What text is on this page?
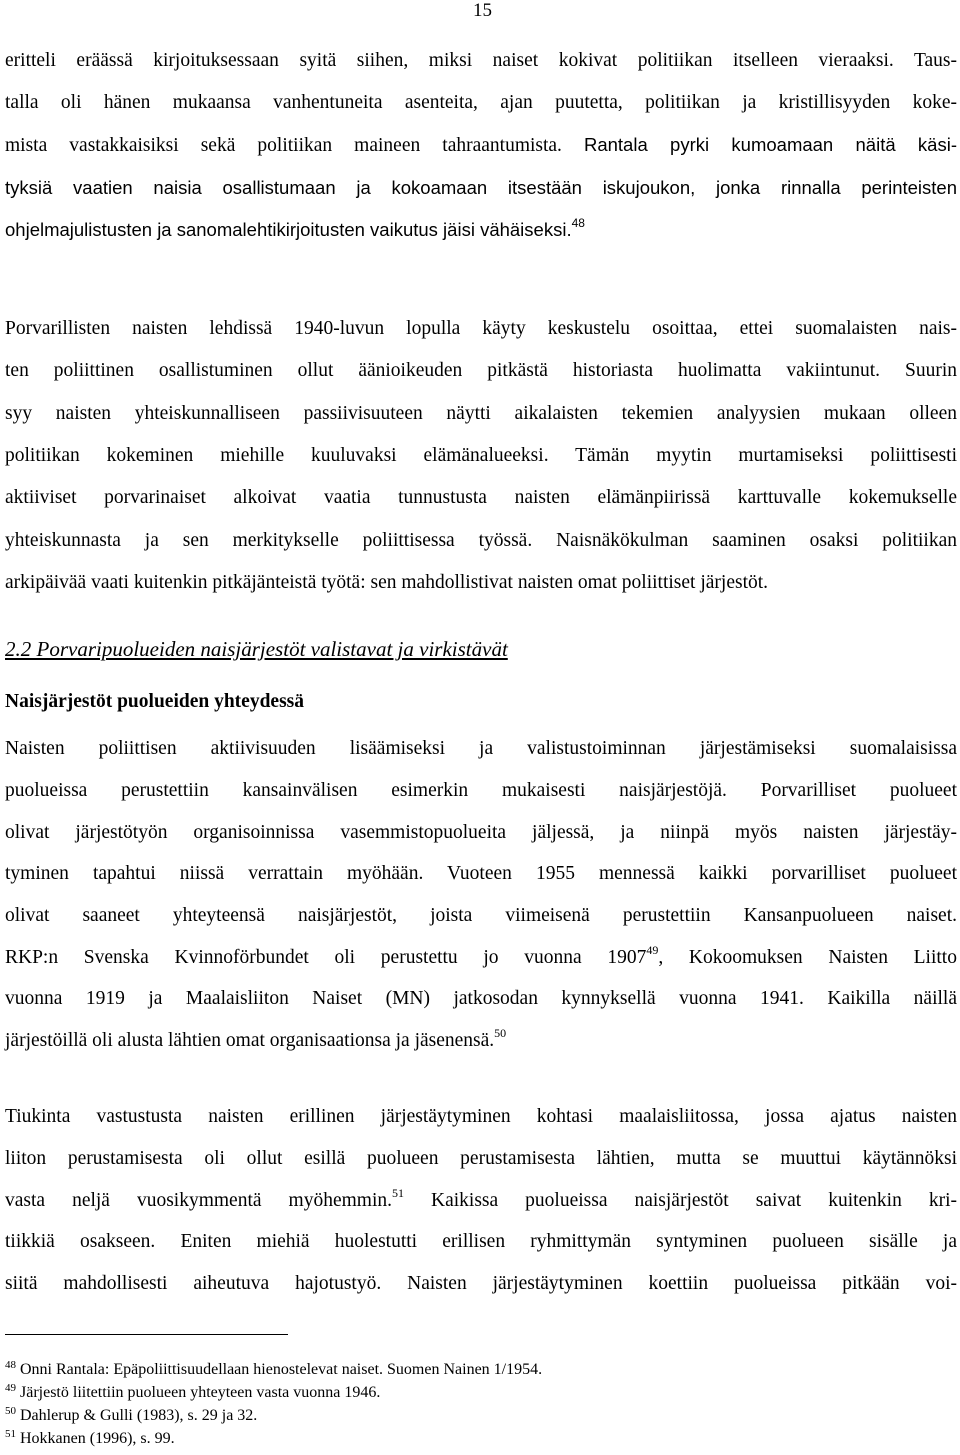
15
eritteli eräässä kirjoituksessaan syitä siihen, miksi naiset kokivat politiikan itselleen vieraaksi. Taus-
talla oli hänen mukaansa vanhentuneita asenteita, ajan puutetta, politiikan ja kristillisyyden koke-
mista vastakkaisiksi sekä politiikan maineen tahraantumista. Rantala pyrki kumoamaan näitä käsi-
tyksiä vaatien naisia osallistumaan ja kokoamaan itsestään iskujoukon, jonka rinnalla perinteisten
ohjelmajulistusten ja sanomalehtikirjoitusten vaikutus jäisi vähäiseksi.$^{48}$
Porvarillisten naisten lehdissä 1940-luvun lopulla käyty keskustelu osoittaa, ettei suomalaisten nais-
ten poliittinen osallistuminen ollut äänioikeuden pitkästä historiasta huolimatta vakiintunut. Suurin
syy naisten yhteiskunnalliseen passiivisuuteen näytti aikalaisten tekemien analyysien mukaan olleen
politiikan kokeminen miehille kuuluvaksi elämänalueeksi. Tämän myytin murtamiseksi poliittisesti
aktiiviset porvarinaiset alkoivat vaatia tunnustusta naisten elämänpiirissä karttuvalle kokemukselle
yhteiskunnasta ja sen merkitykselle poliittisessa työssä. Naisnäkökulman saaminen osaksi politiikan
arkipäivää vaati kuitenkin pitkäjänteistä työtä: sen mahdollistivat naisten omat poliittiset järjestöt.
2.2 Porvaripuolueiden naisjärjestöt valistavat ja virkistävät
Naisjärjestöt puolueiden yhteydessä
Naisten poliittisen aktiivisuuden lisäämiseksi ja valistustoiminnan järjestämiseksi suomalaisissa
puolueissa perustettiin kansainvälisen esimerkin mukaisesti naisjärjestöjä. Porvarilliset puolueet
olivat järjestötyön organisoinnissa vasemmistopuolueita jäljessä, ja niinpä myös naisten järjestäy-
tyminen tapahtui niissä verrattain myöhään. Vuoteen 1955 mennessä kaikki porvarilliset puolueet
olivat saaneet yhteyteensä naisjärjestöt, joista viimeisenä perustettiin Kansanpuolueen naiset.
RKP:n Svenska Kvinnoförbundet oli perustettu jo vuonna 1907$^{49}$, Kokoomuksen Naisten Liitto
vuonna 1919 ja Maalaisliiton Naiset (MN) jatkosodan kynnyksellä vuonna 1941. Kaikilla näillä
järjestöillä oli alusta lähtien omat organisaationsa ja jäsenensä.$^{50}$
Tiukinta vastustusta naisten erillinen järjestäytyminen kohtasi maalaisliitossa, jossa ajatus naisten
liiton perustamisesta oli ollut esillä puolueen perustamisesta lähtien, mutta se muuttui käytännöksi
vasta neljä vuosikymmentä myöhemmin.$^{51}$ Kaikissa puolueissa naisjärjestöt saivat kuitenkin kri-
tiikkiä osakseen. Eniten miehiä huolestutti erillisen ryhmittymän syntyminen puolueen sisälle ja
siitä mahdollisesti aiheutuva hajotustyö. Naisten järjestäytyminen koettiin puolueissa pitkään voi-
$^{48}$ Onni Rantala: Epäpoliittisuudellaan hienostelevat naiset. Suomen Nainen 1/1954.
$^{49}$ Järjestö liitettiin puolueen yhteyteen vasta vuonna 1946.
$^{50}$ Dahlerup & Gulli (1983), s. 29 ja 32.
$^{51}$ Hokkanen (1996), s. 99.
